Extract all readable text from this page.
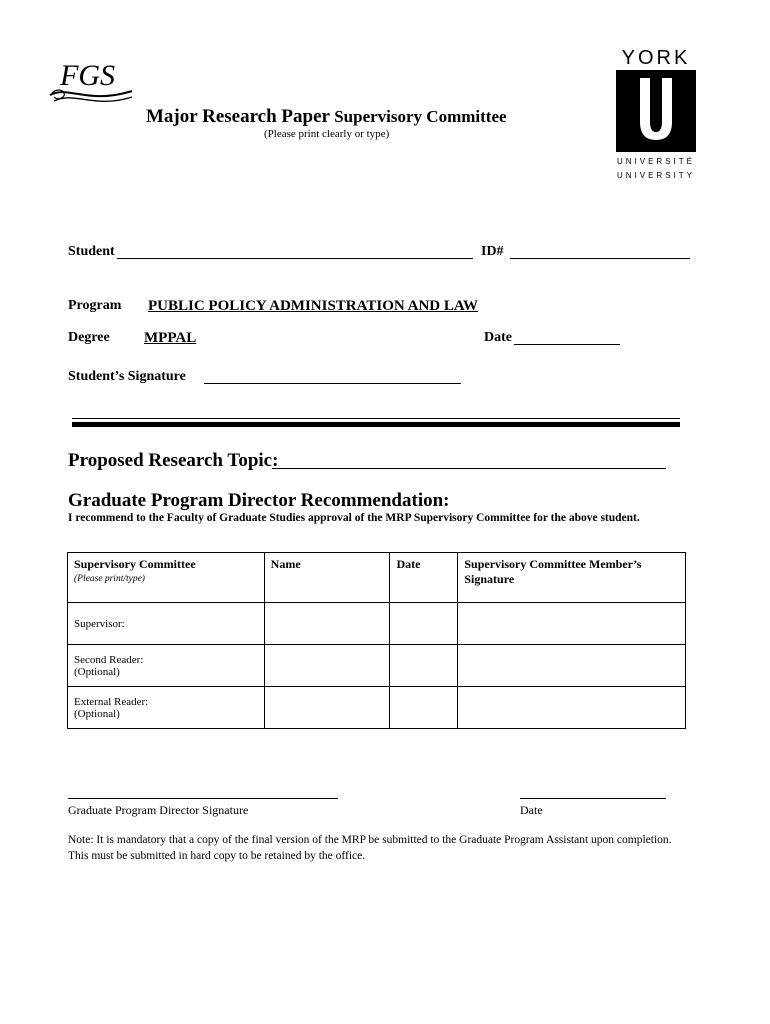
FGS
YORK
UNIVERSITÉ
UNIVERSITY
Major Research Paper Supervisory Committee
(Please print clearly or type)
Student	ID#
Program PUBLIC POLICY ADMINISTRATION AND LAW
Degree MPPAL	Date
Student’s Signature
Proposed Research Topic:
Graduate Program Director Recommendation:
I recommend to the Faculty of Graduate Studies approval of the MRP Supervisory Committee for the above student.
Supervisory Committee
(Please print/type)	Name	Date	Supervisory Committee Member’s Signature

Supervisor:			

Second Reader:
(Optional)			

External Reader:
(Optional)			

Graduate Program Director Signature	Date
Note: It is mandatory that a copy of the final version of the MRP be submitted to the Graduate Program Assistant upon completion.
This must be submitted in hard copy to be retained by the office.
